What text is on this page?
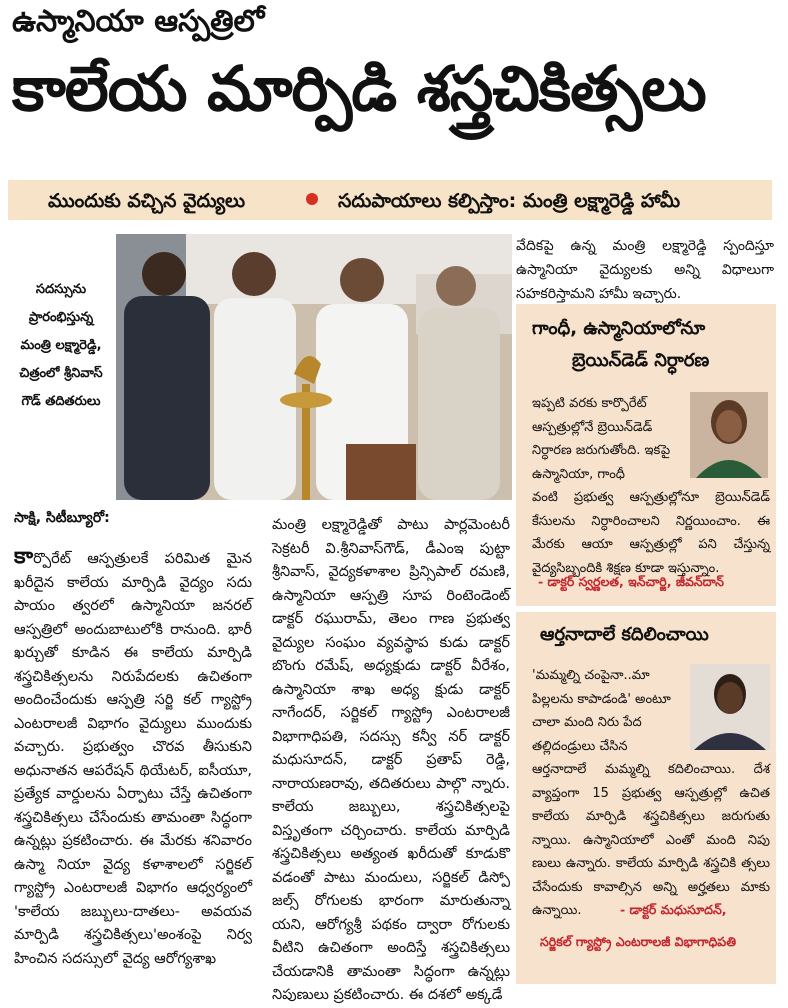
ఉస్మానియా ఆస్పత్రిలో
కాలేయ మార్పిడి శస్త్రచికిత్సలు
ముందుకు వచ్చిన వైద్యులు	సదుపాయాలు కల్పిస్తాం: మంత్రి లక్ష్మారెడ్డి హామీ
సదస్సును ప్రారంభిస్తున్న మంత్రి లక్ష్మారెడ్డి, చిత్రంలో శ్రీనివాస్ గౌడ్ తదితరులు
సాక్షి, సిటీబ్యూరో:
కార్పొరేట్ ఆస్పత్రులకే పరిమిత మైన ఖరీదైన కాలేయ మార్పిడి వైద్యం సదు పాయం త్వరలో ఉస్మానియా జనరల్ ఆస్పత్రిలో అందుబాటులోకి రానుంది. భారీ ఖర్చుతో కూడిన ఈ కాలేయ మార్పిడి శస్త్రచికిత్సలను నిరుపేదలకు ఉచితంగా అందించేందుకు ఆస్పత్రి సర్జి కల్ గ్యాస్ట్రో ఎంటరాలజీ విభాగం వైద్యులు ముందుకు వచ్చారు. ప్రభుత్వం చొరవ తీసుకుని అధునాతన ఆపరేషన్ థియేటర్, ఐసీయూ, ప్రత్యేక వార్డులను ఏర్పాటు చేస్తే ఉచితంగా శస్త్రచికిత్సలు చేసేందుకు తామంతా సిద్ధంగా ఉన్నట్లు ప్రకటించారు. ఈ మేరకు శనివారం ఉస్మా నియా వైద్య కళాశాలలో సర్జికల్ గ్యాస్ట్రో ఎంటరాలజీ విభాగం ఆధ్వర్యంలో 'కాలేయ జబ్బులు-దాతలు- అవయవ మార్పిడి శస్త్రచికిత్సలు'అంశంపై నిర్వ హించిన సదస్సులో వైద్య ఆరోగ్యశాఖ
మంత్రి లక్ష్మారెడ్డితో పాటు పార్లమెంటరీ సెక్రటరీ వి.శ్రీనివాస్‌గౌడ్, డీఎంఇ పుట్టా శ్రీనివాస్, వైద్యకళాశాల ప్రిన్సిపాల్ రమణి, ఉస్మానియా ఆస్పత్రి సూప రింటెండెంట్ డాక్టర్ రఘురామ్, తెలం గాణ ప్రభుత్వ వైద్యుల సంఘం వ్యవస్థాప కుడు డాక్టర్ బొంగు రమేష్, అధ్యక్షుడు డాక్టర్ వీరేశం, ఉస్మానియా శాఖ అధ్య క్షుడు డాక్టర్ నాగేందర్, సర్జికల్ గ్యాస్ట్రో ఎంటరాలజీ విభాగాధిపతి, సదస్సు కన్వీ నర్ డాక్టర్ మధుసూదన్, డాక్టర్ ప్రతాప్ రెడ్డి, నారాయణరావు, తదితరులు పాల్గొ న్నారు. కాలేయ జబ్బులు, శస్త్రచికిత్సలపై విస్తృతంగా చర్చించారు. కాలేయ మార్పిడి శస్త్రచికిత్సలు అత్యంత ఖరీదుతో కూడుకొ వడంతో పాటు మందులు, సర్జికల్ డిస్పో జల్స్ రోగులకు భారంగా మారుతున్నా యని, ఆరోగ్యశ్రీ పథకం ద్వారా రోగులకు వీటిని ఉచితంగా అందిస్తే శస్త్రచికిత్సలు చేయడానికి తామంతా సిద్ధంగా ఉన్నట్లు నిపుణులు ప్రకటించారు. ఈ దశలో అక్కడే
వేదికపై ఉన్న మంత్రి లక్ష్మారెడ్డి స్పందిస్తూ ఉస్మానియా వైద్యులకు అన్ని విధాలుగా సహకరిస్తామని హామీ ఇచ్చారు.
గాంధీ, ఉస్మానియాలోనూ
బ్రెయిన్‌డెడ్ నిర్ధారణ
ఇప్పటి వరకు కార్పొరేట్ ఆస్పత్రుల్లోనే బ్రెయిన్‌డెడ్ నిర్ధారణ జరుగుతోంది. ఇకపై ఉస్మానియా, గాంధీ
వంటి ప్రభుత్వ ఆస్పత్రుల్లోనూ బ్రెయిన్‌డెడ్ కేసులను నిర్ధారించాలని నిర్ణయించాం. ఈ మేరకు ఆయా ఆస్పత్రుల్లో పని చేస్తున్న వైద్యసిబ్బందికి శిక్షణ కూడా ఇస్తున్నాం.
- డాక్టర్ స్వర్ణలత, ఇన్‌చార్జి, జీవన్‌దాన్
ఆర్తనాదాలే కదిలించాయి
'మమ్మల్ని చంపైనా..మా పిల్లలను కాపాడండి' అంటూ చాలా మంది నిరు పేద తల్లిదండ్రులు చేసిన
ఆర్తనాదాలే మమ్మల్ని కదిలించాయి. దేశ వ్యాప్తంగా 15 ప్రభుత్వ ఆస్పత్రుల్లో ఉచిత కాలేయ మార్పిడి శస్త్రచికిత్సలు జరుగుతు న్నాయి. ఉస్మానియాలో ఎంతో మంది నిపు ణులు ఉన్నారు. కాలేయ మార్పిడి శస్త్రచికి త్సలు చేసేందుకు కావాల్సిన అన్ని అర్హతలు మాకు ఉన్నాయి.	- డాక్టర్ మధుసూదన్,
సర్జికల్ గ్యాస్ట్రో ఎంటరాలజీ విభాగాధిపతి
